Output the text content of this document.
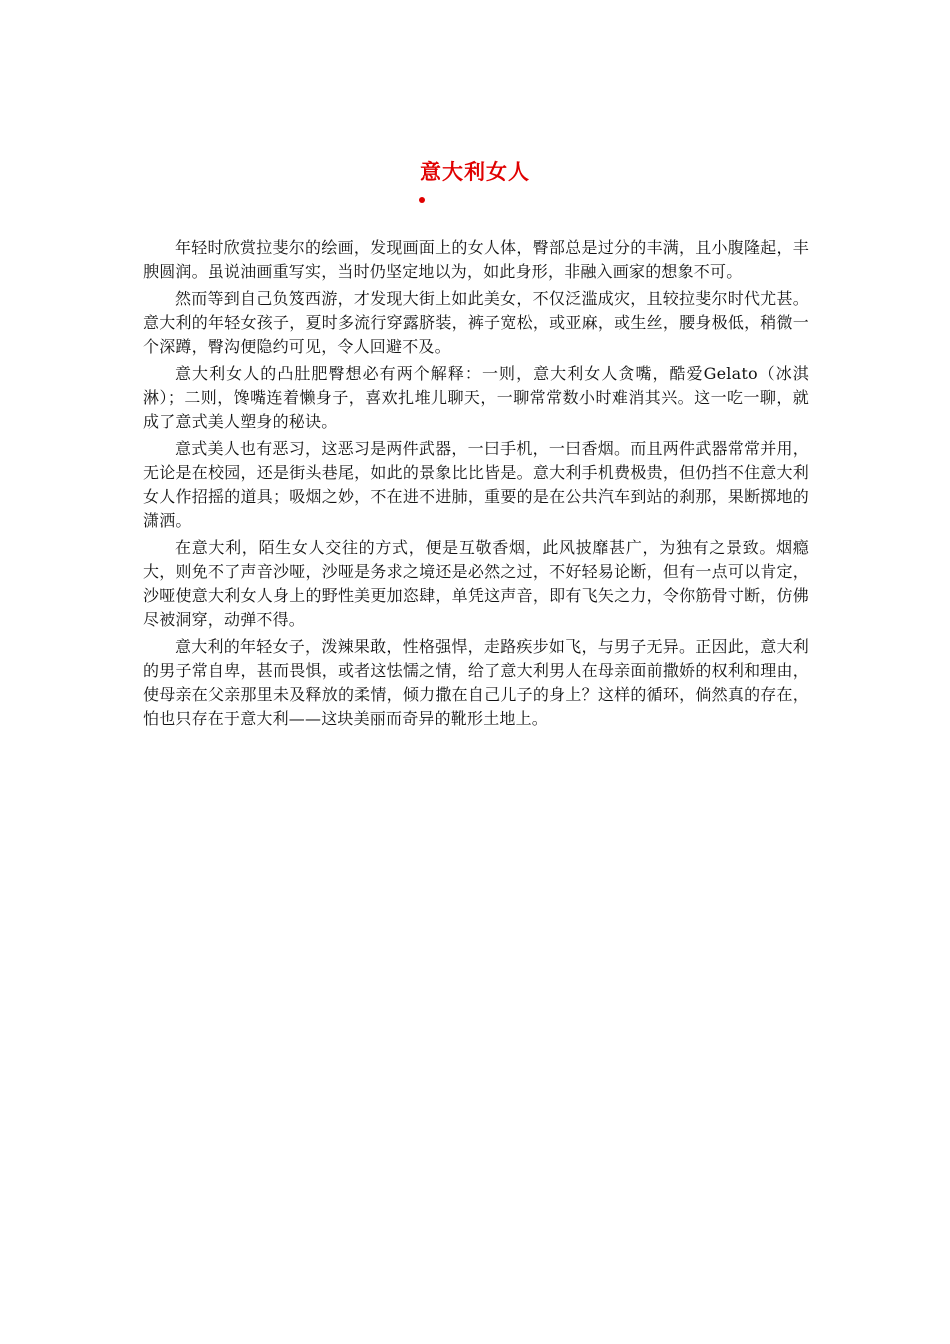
意大利女人

年轻时欣赏拉斐尔的绘画，发现画面上的女人体，臀部总是过分的丰满，且小腹隆起，丰腴圆润。虽说油画重写实，当时仍坚定地以为，如此身形，非融入画家的想象不可。

然而等到自己负笈西游，才发现大街上如此美女，不仅泛滥成灾，且较拉斐尔时代尤甚。意大利的年轻女孩子，夏时多流行穿露脐装，裤子宽松，或亚麻，或生丝，腰身极低，稍微一个深蹲，臀沟便隐约可见，令人回避不及。

意大利女人的凸肚肥臀想必有两个解释：一则，意大利女人贪嘴，酷爱Gelato（冰淇淋）；二则，馋嘴连着懒身子，喜欢扎堆儿聊天，一聊常常数小时难消其兴。这一吃一聊，就成了意式美人塑身的秘诀。

意式美人也有恶习，这恶习是两件武器，一曰手机，一曰香烟。而且两件武器常常并用，无论是在校园，还是街头巷尾，如此的景象比比皆是。意大利手机费极贵，但仍挡不住意大利女人作招摇的道具；吸烟之妙，不在进不进肺，重要的是在公共汽车到站的刹那，果断掷地的潇洒。

在意大利，陌生女人交往的方式，便是互敬香烟，此风披靡甚广，为独有之景致。烟瘾大，则免不了声音沙哑，沙哑是务求之境还是必然之过，不好轻易论断，但有一点可以肯定，沙哑使意大利女人身上的野性美更加恣肆，单凭这声音，即有飞矢之力，令你筋骨寸断，仿佛尽被洞穿，动弹不得。

意大利的年轻女子，泼辣果敢，性格强悍，走路疾步如飞，与男子无异。正因此，意大利的男子常自卑，甚而畏惧，或者这怯懦之情，给了意大利男人在母亲面前撒娇的权利和理由，使母亲在父亲那里未及释放的柔情，倾力撒在自己儿子的身上？这样的循环，倘然真的存在，怕也只存在于意大利——这块美丽而奇异的靴形土地上。
